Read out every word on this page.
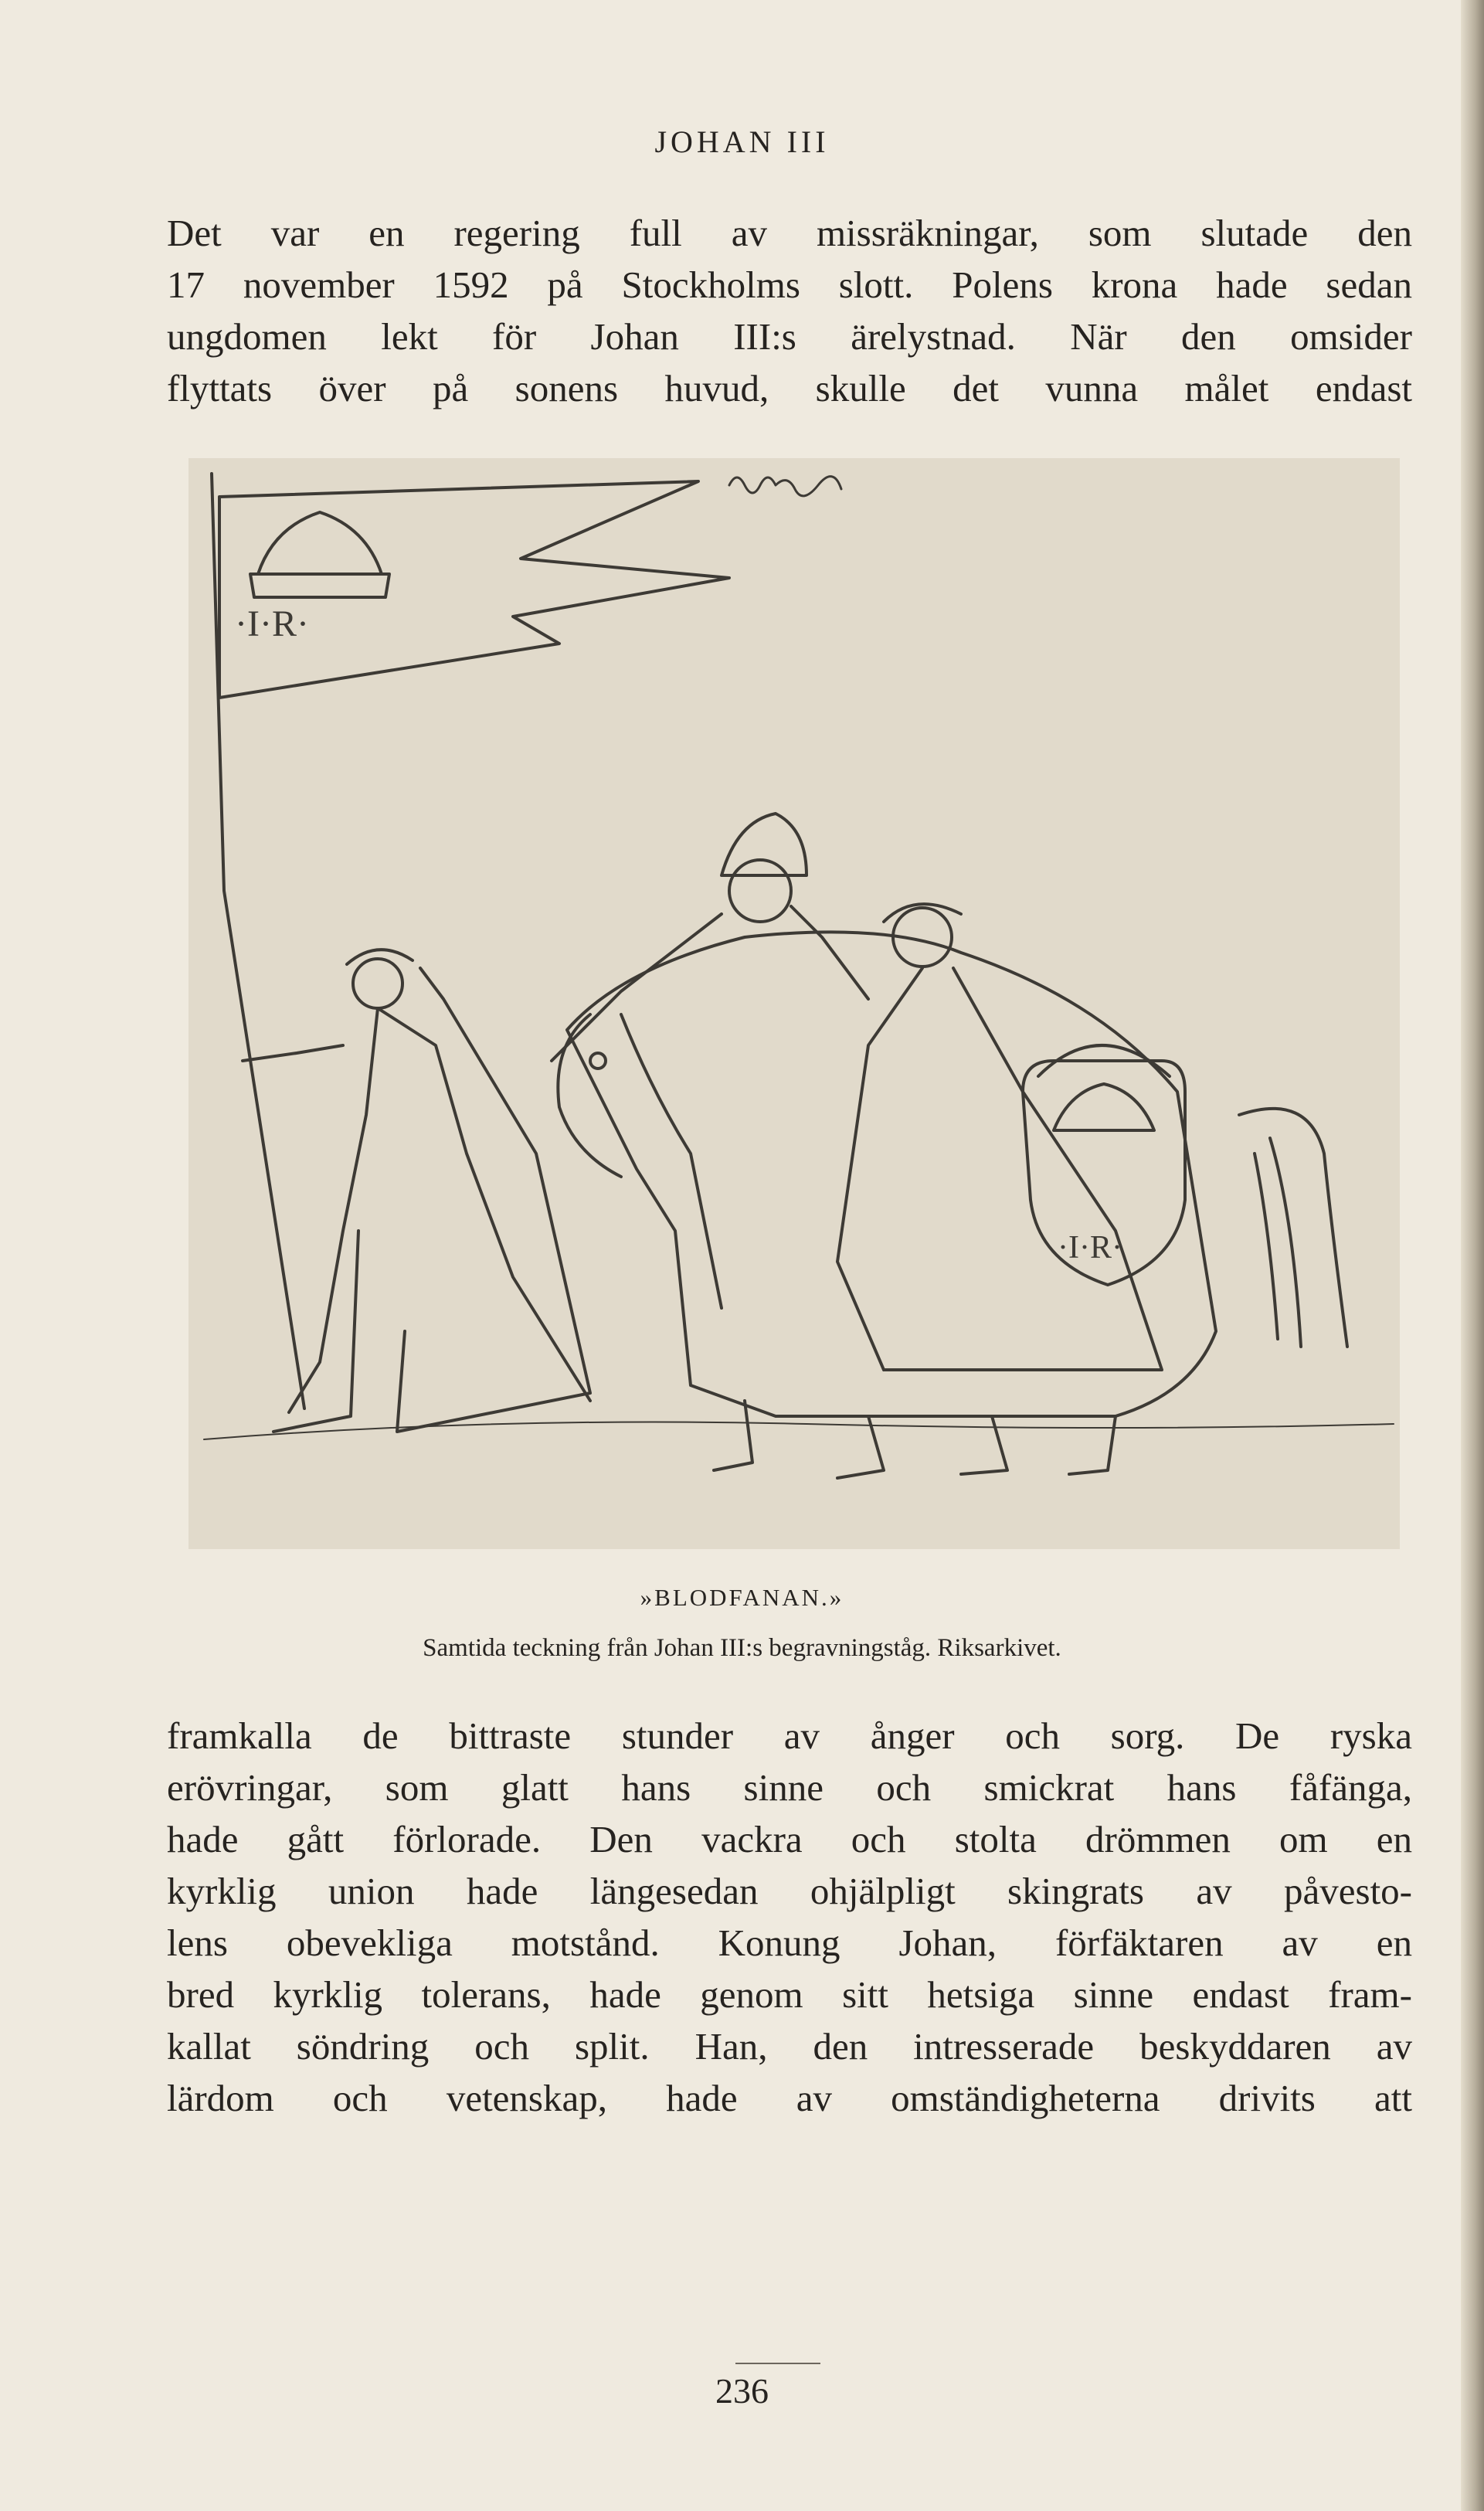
JOHAN III
Det var en regering full av missräkningar, som slutade den
17 november 1592 på Stockholms slott. Polens krona hade sedan
ungdomen lekt för Johan III:s ärelystnad. När den omsider
flyttats över på sonens huvud, skulle det vunna målet endast
·I·R·
·I·R·
»BLODFANAN.»
Samtida teckning från Johan III:s begravningståg. Riksarkivet.
framkalla de bittraste stunder av ånger och sorg. De ryska
erövringar, som glatt hans sinne och smickrat hans fåfänga,
hade gått förlorade. Den vackra och stolta drömmen om en
kyrklig union hade längesedan ohjälpligt skingrats av påvesto-
lens obevekliga motstånd. Konung Johan, förfäktaren av en
bred kyrklig tolerans, hade genom sitt hetsiga sinne endast fram-
kallat söndring och split. Han, den intresserade beskyddaren av
lärdom och vetenskap, hade av omständigheterna drivits att
236
